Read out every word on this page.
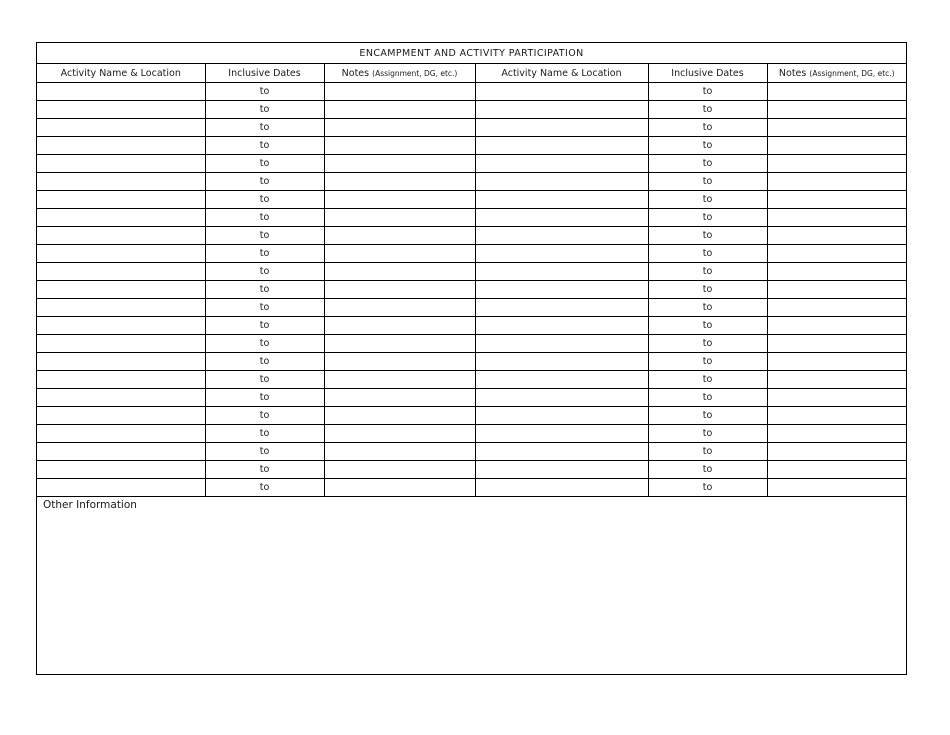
ENCAMPMENT AND ACTIVITY PARTICIPATION					
Activity Name & Location	Inclusive Dates	Notes (Assignment, DG, etc.)	Activity Name & Location	Inclusive Dates	Notes (Assignment, DG, etc.)
	to			to	
	to			to	
	to			to	
	to			to	
	to			to	
	to			to	
	to			to	
	to			to	
	to			to	
	to			to	
	to			to	
	to			to	
	to			to	
	to			to	
	to			to	
	to			to	
	to			to	
	to			to	
	to			to	
	to			to	
	to			to	
	to			to	
	to			to	
Other Information
